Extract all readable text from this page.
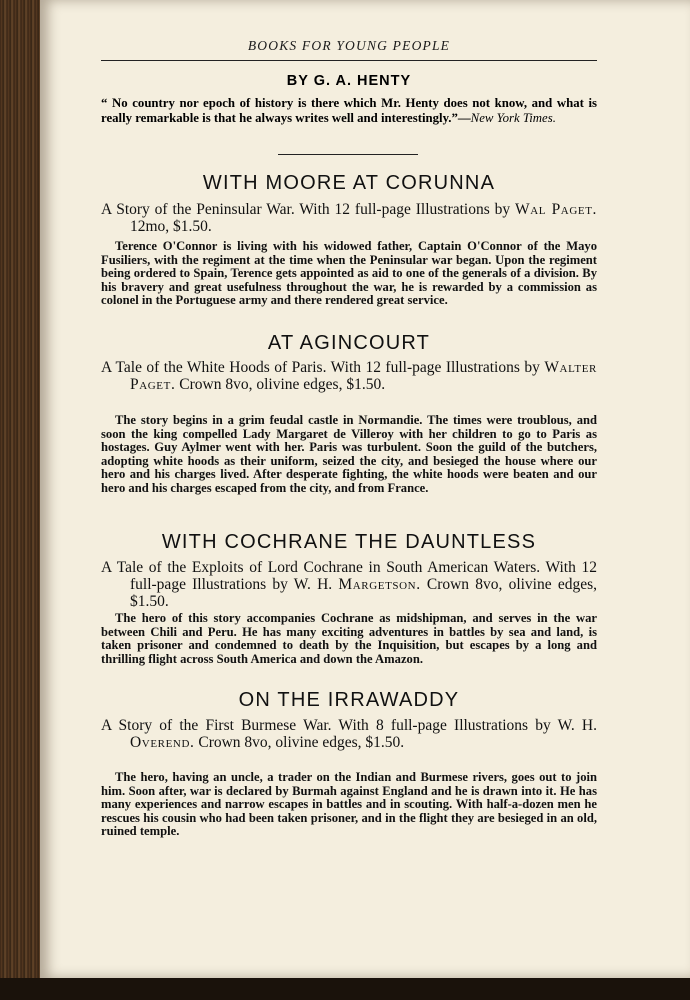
BOOKS FOR YOUNG PEOPLE
BY G. A. HENTY
“ No country nor epoch of history is there which Mr. Henty does not know, and what is really remarkable is that he always writes well and interestingly.”—New York Times.
WITH MOORE AT CORUNNA
A Story of the Peninsular War. With 12 full-page Illustrations by Wal Paget. 12mo, $1.50.
Terence O'Connor is living with his widowed father, Captain O'Connor of the Mayo Fusiliers, with the regiment at the time when the Peninsular war began. Upon the regiment being ordered to Spain, Terence gets appointed as aid to one of the generals of a division. By his bravery and great usefulness throughout the war, he is rewarded by a commission as colonel in the Portuguese army and there rendered great service.
AT AGINCOURT
A Tale of the White Hoods of Paris. With 12 full-page Illustrations by Walter Paget. Crown 8vo, olivine edges, $1.50.
The story begins in a grim feudal castle in Normandie. The times were troublous, and soon the king compelled Lady Margaret de Villeroy with her children to go to Paris as hostages. Guy Aylmer went with her. Paris was turbulent. Soon the guild of the butchers, adopting white hoods as their uniform, seized the city, and besieged the house where our hero and his charges lived. After desperate fighting, the white hoods were beaten and our hero and his charges escaped from the city, and from France.
WITH COCHRANE THE DAUNTLESS
A Tale of the Exploits of Lord Cochrane in South American Waters. With 12 full-page Illustrations by W. H. Margetson. Crown 8vo, olivine edges, $1.50.
The hero of this story accompanies Cochrane as midshipman, and serves in the war between Chili and Peru. He has many exciting adventures in battles by sea and land, is taken prisoner and condemned to death by the Inquisition, but escapes by a long and thrilling flight across South America and down the Amazon.
ON THE IRRAWADDY
A Story of the First Burmese War. With 8 full-page Illustrations by W. H. Overend. Crown 8vo, olivine edges, $1.50.
The hero, having an uncle, a trader on the Indian and Burmese rivers, goes out to join him. Soon after, war is declared by Burmah against England and he is drawn into it. He has many experiences and narrow escapes in battles and in scouting. With half-a-dozen men he rescues his cousin who had been taken prisoner, and in the flight they are besieged in an old, ruined temple.
